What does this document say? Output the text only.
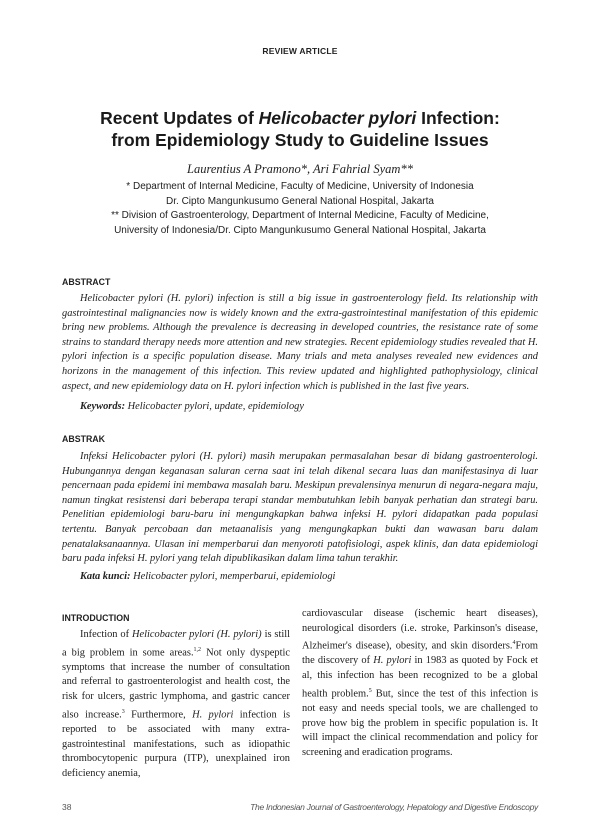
REVIEW ARTICLE
Recent Updates of Helicobacter pylori Infection:
from Epidemiology Study to Guideline Issues
Laurentius A Pramono*, Ari Fahrial Syam**
* Department of Internal Medicine, Faculty of Medicine, University of Indonesia
Dr. Cipto Mangunkusumo General National Hospital, Jakarta
** Division of Gastroenterology, Department of Internal Medicine, Faculty of Medicine,
University of Indonesia/Dr. Cipto Mangunkusumo General National Hospital, Jakarta
ABSTRACT
Helicobacter pylori (H. pylori) infection is still a big issue in gastroenterology field. Its relationship with gastrointestinal malignancies now is widely known and the extra-gastrointestinal manifestation of this epidemic bring new problems. Although the prevalence is decreasing in developed countries, the resistance rate of some strains to standard therapy needs more attention and new strategies. Recent epidemiology studies revealed that H. pylori infection is a specific population disease. Many trials and meta analyses revealed new evidences and horizons in the management of this infection. This review updated and highlighted pathophysiology, clinical aspect, and new epidemiology data on H. pylori infection which is published in the last five years.
Keywords: Helicobacter pylori, update, epidemiology
ABSTRAK
Infeksi Helicobacter pylori (H. pylori) masih merupakan permasalahan besar di bidang gastroenterologi. Hubungannya dengan keganasan saluran cerna saat ini telah dikenal secara luas dan manifestasinya di luar pencernaan pada epidemi ini membawa masalah baru. Meskipun prevalensinya menurun di negara-negara maju, namun tingkat resistensi dari beberapa terapi standar membutuhkan lebih banyak perhatian dan strategi baru. Penelitian epidemiologi baru-baru ini mengungkapkan bahwa infeksi H. pylori didapatkan pada populasi tertentu. Banyak percobaan dan metaanalisis yang mengungkapkan bukti dan wawasan baru dalam penatalaksanaannya. Ulasan ini memperbarui dan menyoroti patofisiologi, aspek klinis, dan data epidemiologi baru pada infeksi H. pylori yang telah dipublikasikan dalam lima tahun terakhir.
Kata kunci: Helicobacter pylori, memperbarui, epidemiologi
INTRODUCTION
Infection of Helicobacter pylori (H. pylori) is still a big problem in some areas.$^{1,2}$ Not only dyspeptic symptoms that increase the number of consultation and referral to gastroenterologist and health cost, the risk for ulcers, gastric lymphoma, and gastric cancer also increase.$^3$ Furthermore, H. pylori infection is reported to be associated with many extra-gastrointestinal manifestations, such as idiopathic thrombocytopenic purpura (ITP), unexplained iron deficiency anemia,
cardiovascular disease (ischemic heart diseases), neurological disorders (i.e. stroke, Parkinson's disease, Alzheimer's disease), obesity, and skin disorders.$^4$From the discovery of H. pylori in 1983 as quoted by Fock et al, this infection has been recognized to be a global health problem.$^5$ But, since the test of this infection is not easy and needs special tools, we are challenged to prove how big the problem in specific population is. It will impact the clinical recommendation and policy for screening and eradication programs.
38	The Indonesian Journal of Gastroenterology, Hepatology and Digestive Endoscopy
